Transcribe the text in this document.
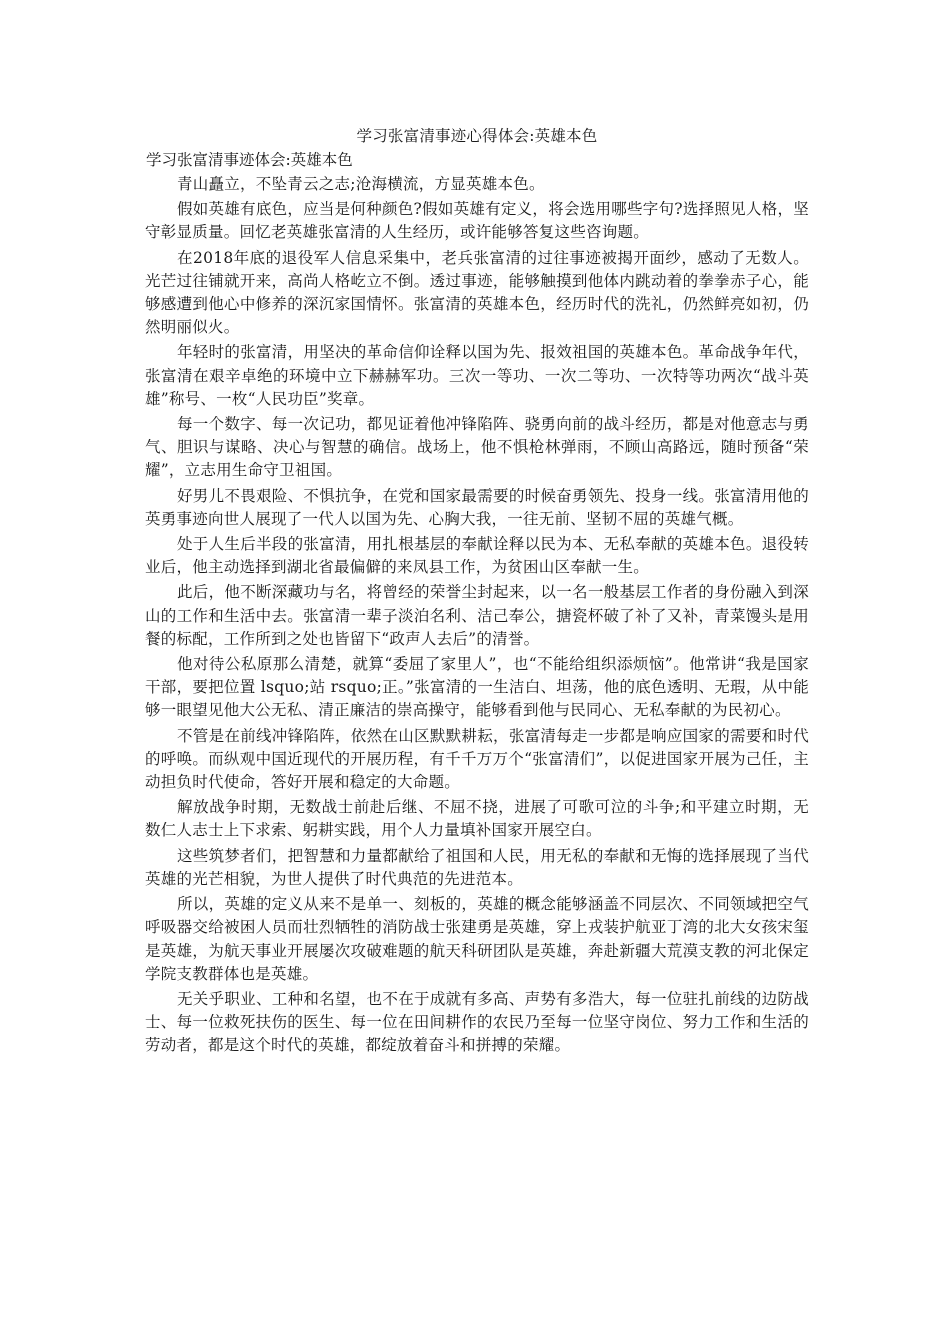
学习张富清事迹心得体会:英雄本色

学习张富清事迹体会:英雄本色

青山矗立，不坠青云之志;沧海横流，方显英雄本色。

假如英雄有底色，应当是何种颜色?假如英雄有定义，将会选用哪些字句?选择照见人格，坚守彰显质量。回忆老英雄张富清的人生经历，或许能够答复这些咨询题。

在2018年底的退役军人信息采集中，老兵张富清的过往事迹被揭开面纱，感动了无数人。光芒过往铺就开来，高尚人格屹立不倒。透过事迹，能够触摸到他体内跳动着的拳拳赤子心，能够感遭到他心中修养的深沉家国情怀。张富清的英雄本色，经历时代的洗礼，仍然鲜亮如初，仍然明丽似火。

年轻时的张富清，用坚决的革命信仰诠释以国为先、报效祖国的英雄本色。革命战争年代，张富清在艰辛卓绝的环境中立下赫赫军功。三次一等功、一次二等功、一次特等功两次“战斗英雄”称号、一枚“人民功臣”奖章。

每一个数字、每一次记功，都见证着他冲锋陷阵、骁勇向前的战斗经历，都是对他意志与勇气、胆识与谋略、决心与智慧的确信。战场上，他不惧枪林弹雨，不顾山高路远，随时预备“荣耀”，立志用生命守卫祖国。

好男儿不畏艰险、不惧抗争，在党和国家最需要的时候奋勇领先、投身一线。张富清用他的英勇事迹向世人展现了一代人以国为先、心胸大我，一往无前、坚韧不屈的英雄气概。

处于人生后半段的张富清，用扎根基层的奉献诠释以民为本、无私奉献的英雄本色。退役转业后，他主动选择到湖北省最偏僻的来凤县工作，为贫困山区奉献一生。

此后，他不断深藏功与名，将曾经的荣誉尘封起来，以一名一般基层工作者的身份融入到深山的工作和生活中去。张富清一辈子淡泊名利、洁己奉公，搪瓷杯破了补了又补，青菜馒头是用餐的标配，工作所到之处也皆留下“政声人去后”的清誉。

他对待公私原那么清楚，就算“委屈了家里人”，也“不能给组织添烦恼”。他常讲“我是国家干部，要把位置 lsquo;站 rsquo;正。”张富清的一生洁白、坦荡，他的底色透明、无瑕，从中能够一眼望见他大公无私、清正廉洁的崇高操守，能够看到他与民同心、无私奉献的为民初心。

不管是在前线冲锋陷阵，依然在山区默默耕耘，张富清每走一步都是响应国家的需要和时代的呼唤。而纵观中国近现代的开展历程，有千千万万个“张富清们”，以促进国家开展为己任，主动担负时代使命，答好开展和稳定的大命题。

解放战争时期，无数战士前赴后继、不屈不挠，进展了可歌可泣的斗争;和平建立时期，无数仁人志士上下求索、躬耕实践，用个人力量填补国家开展空白。

这些筑梦者们，把智慧和力量都献给了祖国和人民，用无私的奉献和无悔的选择展现了当代英雄的光芒相貌，为世人提供了时代典范的先进范本。

所以，英雄的定义从来不是单一、刻板的，英雄的概念能够涵盖不同层次、不同领域把空气呼吸器交给被困人员而壮烈牺牲的消防战士张建勇是英雄，穿上戎装护航亚丁湾的北大女孩宋玺是英雄，为航天事业开展屡次攻破难题的航天科研团队是英雄，奔赴新疆大荒漠支教的河北保定学院支教群体也是英雄。

无关乎职业、工种和名望，也不在于成就有多高、声势有多浩大，每一位驻扎前线的边防战士、每一位救死扶伤的医生、每一位在田间耕作的农民乃至每一位坚守岗位、努力工作和生活的劳动者，都是这个时代的英雄，都绽放着奋斗和拼搏的荣耀。
